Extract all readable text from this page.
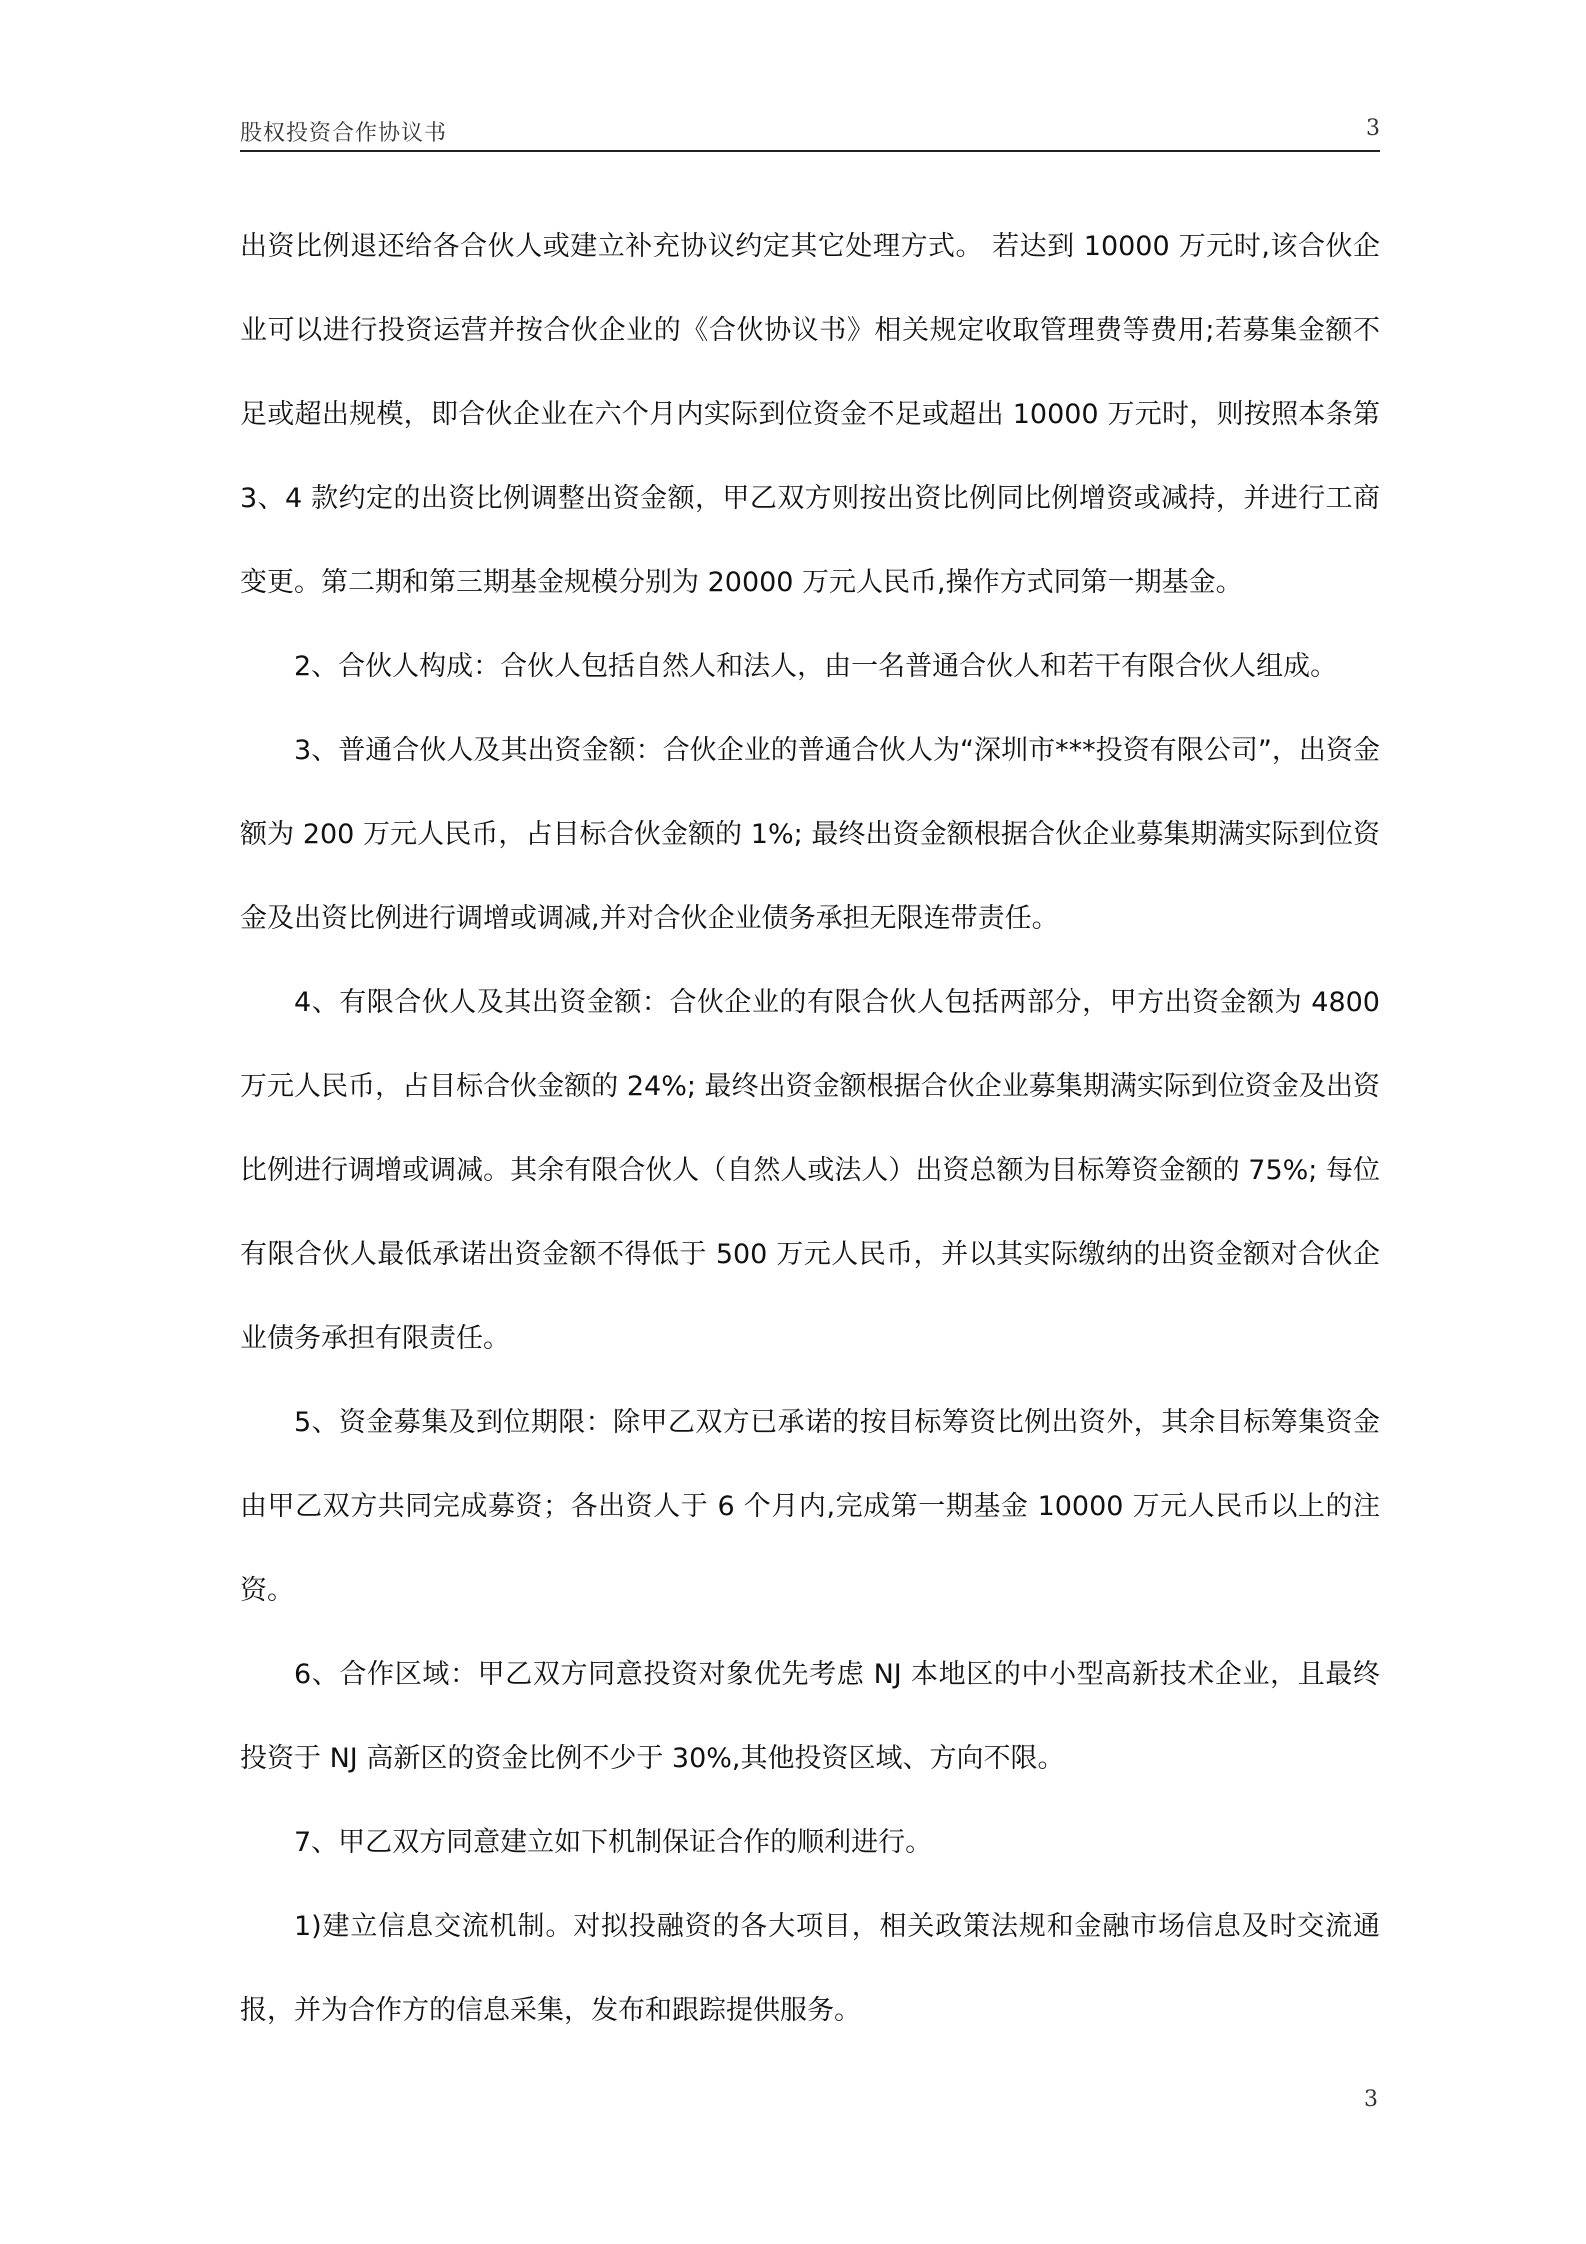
股权投资合作协议书	3

出资比例退还给各合伙人或建立补充协议约定其它处理方式。 若达到 10000 万元时,该合伙企业可以进行投资运营并按合伙企业的《合伙协议书》相关规定收取管理费等费用;若募集金额不足或超出规模，即合伙企业在六个月内实际到位资金不足或超出 10000 万元时，则按照本条第 3、4 款约定的出资比例调整出资金额，甲乙双方则按出资比例同比例增资或减持，并进行工商变更。第二期和第三期基金规模分别为 20000 万元人民币,操作方式同第一期基金。

2、合伙人构成：合伙人包括自然人和法人，由一名普通合伙人和若干有限合伙人组成。

3、普通合伙人及其出资金额：合伙企业的普通合伙人为“深圳市***投资有限公司”，出资金额为 200 万元人民币，占目标合伙金额的 1%; 最终出资金额根据合伙企业募集期满实际到位资金及出资比例进行调增或调减,并对合伙企业债务承担无限连带责任。

4、有限合伙人及其出资金额：合伙企业的有限合伙人包括两部分，甲方出资金额为 4800 万元人民币，占目标合伙金额的 24%; 最终出资金额根据合伙企业募集期满实际到位资金及出资比例进行调增或调减。其余有限合伙人（自然人或法人）出资总额为目标筹资金额的 75%; 每位有限合伙人最低承诺出资金额不得低于 500 万元人民币，并以其实际缴纳的出资金额对合伙企业债务承担有限责任。

5、资金募集及到位期限：除甲乙双方已承诺的按目标筹资比例出资外，其余目标筹集资金由甲乙双方共同完成募资；各出资人于 6 个月内,完成第一期基金 10000 万元人民币以上的注资。

6、合作区域：甲乙双方同意投资对象优先考虑 NJ 本地区的中小型高新技术企业，且最终投资于 NJ 高新区的资金比例不少于 30%,其他投资区域、方向不限。

7、甲乙双方同意建立如下机制保证合作的顺利进行。

1)建立信息交流机制。对拟投融资的各大项目，相关政策法规和金融市场信息及时交流通报，并为合作方的信息采集，发布和跟踪提供服务。

3
